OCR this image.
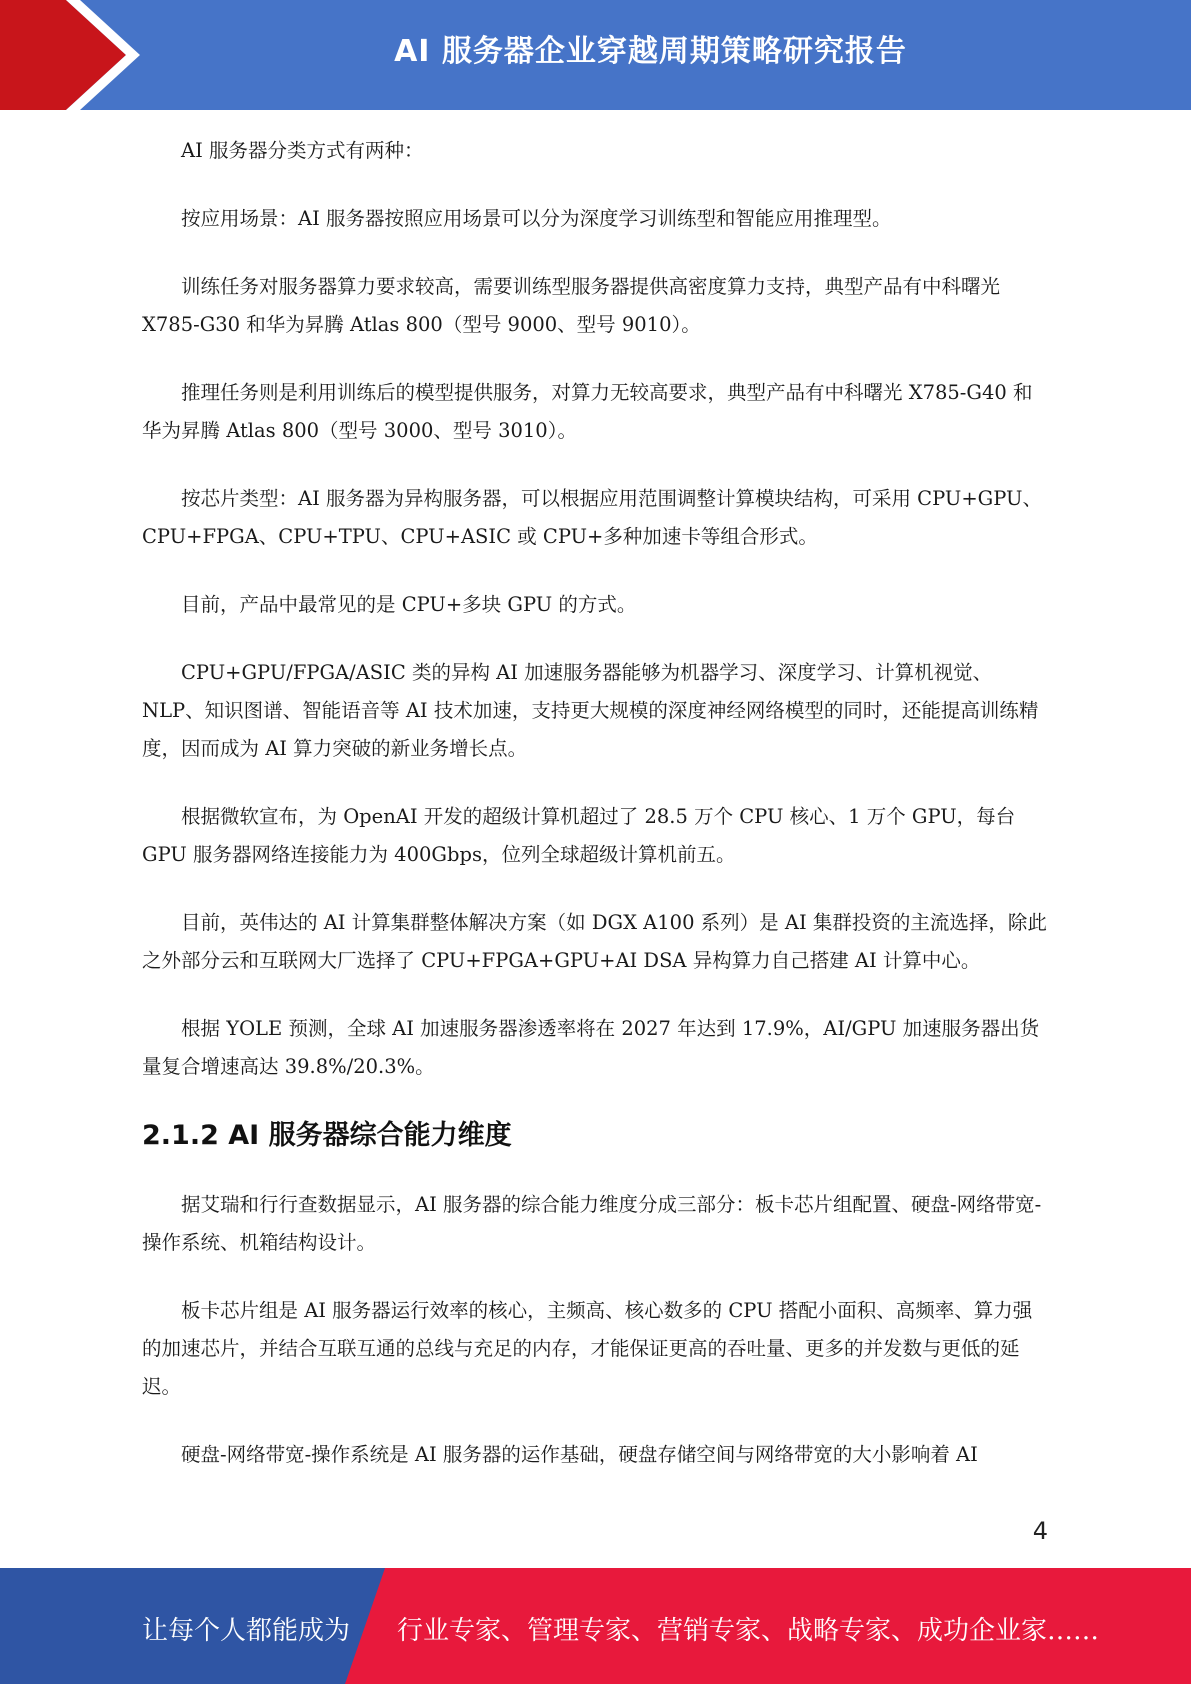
AI 服务器企业穿越周期策略研究报告

AI 服务器分类方式有两种：

按应用场景：AI 服务器按照应用场景可以分为深度学习训练型和智能应用推理型。

训练任务对服务器算力要求较高，需要训练型服务器提供高密度算力支持，典型产品有中科曙光 X785-G30 和华为昇腾 Atlas 800（型号 9000、型号 9010）。

推理任务则是利用训练后的模型提供服务，对算力无较高要求，典型产品有中科曙光 X785-G40 和华为昇腾 Atlas 800（型号 3000、型号 3010）。

按芯片类型：AI 服务器为异构服务器，可以根据应用范围调整计算模块结构，可采用 CPU+GPU、CPU+FPGA、CPU+TPU、CPU+ASIC 或 CPU+多种加速卡等组合形式。

目前，产品中最常见的是 CPU+多块 GPU 的方式。

CPU+GPU/FPGA/ASIC 类的异构 AI 加速服务器能够为机器学习、深度学习、计算机视觉、NLP、知识图谱、智能语音等 AI 技术加速，支持更大规模的深度神经网络模型的同时，还能提高训练精度，因而成为 AI 算力突破的新业务增长点。

根据微软宣布，为 OpenAI 开发的超级计算机超过了 28.5 万个 CPU 核心、1 万个 GPU，每台 GPU 服务器网络连接能力为 400Gbps，位列全球超级计算机前五。

目前，英伟达的 AI 计算集群整体解决方案（如 DGX A100 系列）是 AI 集群投资的主流选择，除此之外部分云和互联网大厂选择了 CPU+FPGA+GPU+AI DSA 异构算力自己搭建 AI 计算中心。

根据 YOLE 预测，全球 AI 加速服务器渗透率将在 2027 年达到 17.9%，AI/GPU 加速服务器出货量复合增速高达 39.8%/20.3%。

2.1.2 AI 服务器综合能力维度

据艾瑞和行行查数据显示，AI 服务器的综合能力维度分成三部分：板卡芯片组配置、硬盘-网络带宽-操作系统、机箱结构设计。

板卡芯片组是 AI 服务器运行效率的核心，主频高、核心数多的 CPU 搭配小面积、高频率、算力强的加速芯片，并结合互联互通的总线与充足的内存，才能保证更高的吞吐量、更多的并发数与更低的延迟。

硬盘-网络带宽-操作系统是 AI 服务器的运作基础，硬盘存储空间与网络带宽的大小影响着 AI

4
让每个人都能成为 行业专家、管理专家、营销专家、战略专家、成功企业家……
